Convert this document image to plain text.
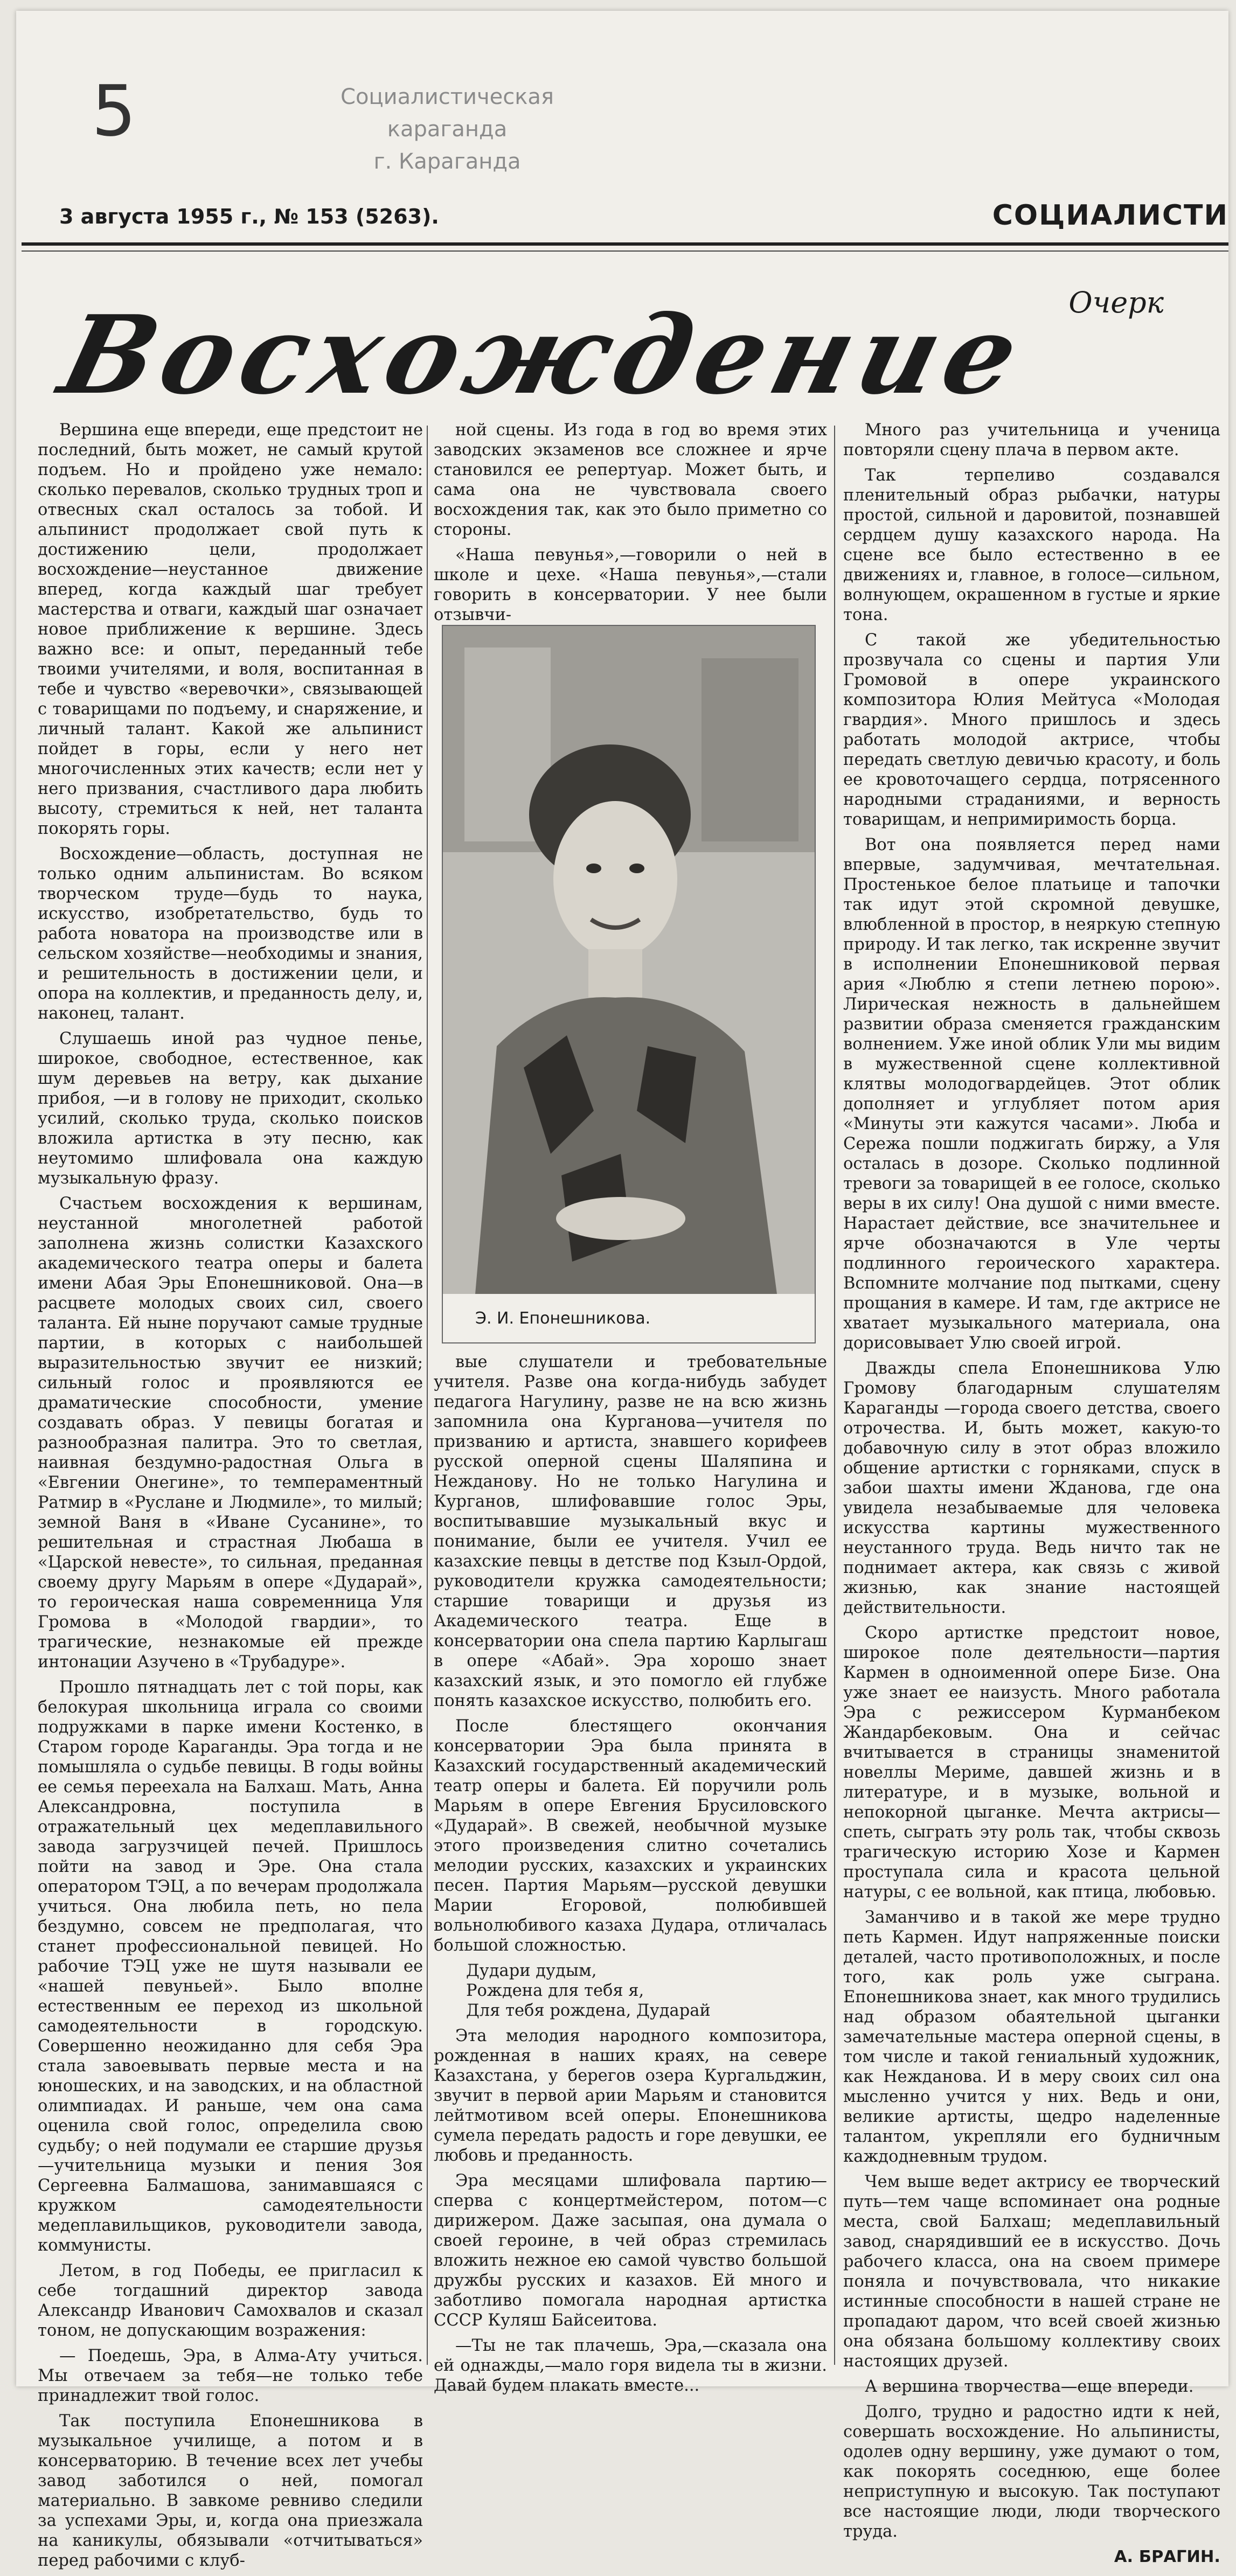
5	Социалистическая караганда
г. Караганда
3 августа 1955 г., № 153 (5263).	СОЦИАЛИСТИ
Очерк
Восхождение

Вершина еще впереди, еще предстоит не последний, быть может, не самый крутой подъем. Но и пройдено уже немало: сколько перевалов, сколько трудных троп и отвесных скал осталось за тобой. И альпинист продолжает свой путь к достижению цели, продолжает восхождение—неустанное движение вперед, когда каждый шаг требует мастерства и отваги, каждый шаг означает новое приближение к вершине. Здесь важно все: и опыт, переданный тебе твоими учителями, и воля, воспитанная в тебе и чувство «веревочки», связывающей с товарищами по подъему, и снаряжение, и личный талант. Какой же альпинист пойдет в горы, если у него нет многочисленных этих качеств; если нет у него призвания, счастливого дара любить высоту, стремиться к ней, нет таланта покорять горы.

Восхождение—область, доступная не только одним альпинистам. Во всяком творческом труде—будь то наука, искусство, изобретательство, будь то работа новатора на производстве или в сельском хозяйстве—необходимы и знания, и решительность в достижении цели, и опора на коллектив, и преданность делу, и, наконец, талант.

Слушаешь иной раз чудное пенье, широкое, свободное, естественное, как шум деревьев на ветру, как дыхание прибоя, —и в голову не приходит, сколько усилий, сколько труда, сколько поисков вложила артистка в эту песню, как неутомимо шлифовала она каждую музыкальную фразу.

Счастьем восхождения к вершинам, неустанной многолетней работой заполнена жизнь солистки Казахского академического театра оперы и балета имени Абая Эры Епонешниковой. Она—в расцвете молодых своих сил, своего таланта. Ей ныне поручают самые трудные партии, в которых с наибольшей выразительностью звучит ее низкий; сильный голос и проявляются ее драматические способности, умение создавать образ. У певицы богатая и разнообразная палитра. Это то светлая, наивная бездумно-радостная Ольга в «Евгении Онегине», то темпераментный Ратмир в «Руслане и Людмиле», то милый; земной Ваня в «Иване Сусанине», то решительная и страстная Любаша в «Царской невесте», то сильная, преданная своему другу Марьям в опере «Дударай», то героическая наша современница Уля Громова в «Молодой гвардии», то трагические, незнакомые ей прежде интонации Азучено в «Трубадуре».

Прошло пятнадцать лет с той поры, как белокурая школьница играла со своими подружками в парке имени Костенко, в Старом городе Караганды. Эра тогда и не помышляла о судьбе певицы. В годы войны ее семья переехала на Балхаш. Мать, Анна Александровна, поступила в отражательный цех медеплавильного завода загрузчицей печей. Пришлось пойти на завод и Эре. Она стала оператором ТЭЦ, а по вечерам продолжала учиться. Она любила петь, но пела бездумно, совсем не предполагая, что станет профессиональной певицей. Но рабочие ТЭЦ уже не шутя называли ее «нашей певуньей». Было вполне естественным ее переход из школьной самодеятельности в городскую. Совершенно неожиданно для себя Эра стала завоевывать первые места и на юношеских, и на заводских, и на областной олимпиадах. И раньше, чем она сама оценила свой голос, определила свою судьбу; о ней подумали ее старшие друзья—учительница музыки и пения Зоя Сергеевна Балмашова, занимавшаяся с кружком самодеятельности медеплавильщиков, руководители завода, коммунисты.

Летом, в год Победы, ее пригласил к себе тогдашний директор завода Александр Иванович Самохвалов и сказал тоном, не допускающим возражения:

— Поедешь, Эра, в Алма-Ату учиться. Мы отвечаем за тебя—не только тебе принадлежит твой голос.

Так поступила Епонешникова в музыкальное училище, а потом и в консерваторию. В течение всех лет учебы завод заботился о ней, помогал материально. В завкоме ревниво следили за успехами Эры, и, когда она приезжала на каникулы, обязывали «отчитываться» перед рабочими с клуб-

ной сцены. Из года в год во время этих заводских экзаменов все сложнее и ярче становился ее репертуар. Может быть, и сама она не чувствовала своего восхождения так, как это было приметно со стороны.

«Наша певунья»,—говорили о ней в школе и цехе. «Наша певунья»,—стали говорить в консерватории. У нее были отзывчи-

Э. И. Епонешникова.

вые слушатели и требовательные учителя. Разве она когда-нибудь забудет педагога Нагулину, разве не на всю жизнь запомнила она Курганова—учителя по призванию и артиста, знавшего корифеев русской оперной сцены Шаляпина и Нежданову. Но не только Нагулина и Курганов, шлифовавшие голос Эры, воспитывавшие музыкальный вкус и понимание, были ее учителя. Учил ее казахские певцы в детстве под Кзыл-Ордой, руководители кружка самодеятельности; старшие товарищи и друзья из Академического театра. Еще в консерватории она спела партию Карлыгаш в опере «Абай». Эра хорошо знает казахский язык, и это помогло ей глубже понять казахское искусство, полюбить его.

После блестящего окончания консерватории Эра была принята в Казахский государственный академический театр оперы и балета. Ей поручили роль Марьям в опере Евгения Брусиловского «Дударай». В свежей, необычной музыке этого произведения слитно сочетались мелодии русских, казахских и украинских песен. Партия Марьям—русской девушки Марии Егоровой, полюбившей вольнолюбивого казаха Дудара, отличалась большой сложностью.

Дудари дудым,
Рождена для тебя я,
Для тебя рождена, Дударай

Эта мелодия народного композитора, рожденная в наших краях, на севере Казахстана, у берегов озера Кургальджин, звучит в первой арии Марьям и становится лейтмотивом всей оперы. Епонешникова сумела передать радость и горе девушки, ее любовь и преданность.

Эра месяцами шлифовала партию—сперва с концертмейстером, потом—с дирижером. Даже засыпая, она думала о своей героине, в чей образ стремилась вложить нежное ею самой чувство большой дружбы русских и казахов. Ей много и заботливо помогала народная артистка СССР Куляш Байсеитова.

—Ты не так плачешь, Эра,—сказала она ей однажды,—мало горя видела ты в жизни. Давай будем плакать вместе...

Много раз учительница и ученица повторяли сцену плача в первом акте.

Так терпеливо создавался пленительный образ рыбачки, натуры простой, сильной и даровитой, познавшей сердцем душу казахского народа. На сцене все было естественно в ее движениях и, главное, в голосе—сильном, волнующем, окрашенном в густые и яркие тона.

С такой же убедительностью прозвучала со сцены и партия Ули Громовой в опере украинского композитора Юлия Мейтуса «Молодая гвардия». Много пришлось и здесь работать молодой актрисе, чтобы передать светлую девичью красоту, и боль ее кровоточащего сердца, потрясенного народными страданиями, и верность товарищам, и непримиримость борца.

Вот она появляется перед нами впервые, задумчивая, мечтательная. Простенькое белое платьице и тапочки так идут этой скромной девушке, влюбленной в простор, в неяркую степную природу. И так легко, так искренне звучит в исполнении Епонешниковой первая ария «Люблю я степи летнею порою». Лирическая нежность в дальнейшем развитии образа сменяется гражданским волнением. Уже иной облик Ули мы видим в мужественной сцене коллективной клятвы молодогвардейцев. Этот облик дополняет и углубляет потом ария «Минуты эти кажутся часами». Люба и Сережа пошли поджигать биржу, а Уля осталась в дозоре. Сколько подлинной тревоги за товарищей в ее голосе, сколько веры в их силу! Она душой с ними вместе. Нарастает действие, все значительнее и ярче обозначаются в Уле черты подлинного героического характера. Вспомните молчание под пытками, сцену прощания в камере. И там, где актрисе не хватает музыкального материала, она дорисовывает Улю своей игрой.

Дважды спела Епонешникова Улю Громову благодарным слушателям Караганды —города своего детства, своего отрочества. И, быть может, какую-то добавочную силу в этот образ вложило общение артистки с горняками, спуск в забои шахты имени Жданова, где она увидела незабываемые для человека искусства картины мужественного неустанного труда. Ведь ничто так не поднимает актера, как связь с живой жизнью, как знание настоящей действительности.

Скоро артистке предстоит новое, широкое поле деятельности—партия Кармен в одноименной опере Бизе. Она уже знает ее наизусть. Много работала Эра с режиссером Курманбеком Жандарбековым. Она и сейчас вчитывается в страницы знаменитой новеллы Мериме, давшей жизнь и в литературе, и в музыке, вольной и непокорной цыганке. Мечта актрисы—спеть, сыграть эту роль так, чтобы сквозь трагическую историю Хозе и Кармен проступала сила и красота цельной натуры, с ее вольной, как птица, любовью.

Заманчиво и в такой же мере трудно петь Кармен. Идут напряженные поиски деталей, часто противоположных, и после того, как роль уже сыграна. Епонешникова знает, как много трудились над образом обаятельной цыганки замечательные мастера оперной сцены, в том числе и такой гениальный художник, как Нежданова. И в меру своих сил она мысленно учится у них. Ведь и они, великие артисты, щедро наделенные талантом, укрепляли его будничным каждодневным трудом.

Чем выше ведет актрису ее творческий путь—тем чаще вспоминает она родные места, свой Балхаш; медеплавильный завод, снарядивший ее в искусство. Дочь рабочего класса, она на своем примере поняла и почувствовала, что никакие истинные способности в нашей стране не пропадают даром, что всей своей жизнью она обязана большому коллективу своих настоящих друзей.

А вершина творчества—еще впереди.

Долго, трудно и радостно идти к ней, совершать восхождение. Но альпинисты, одолев одну вершину, уже думают о том, как покорять соседнюю, еще более неприступную и высокую. Так поступают все настоящие люди, люди творческого труда.

А. БРАГИН.
